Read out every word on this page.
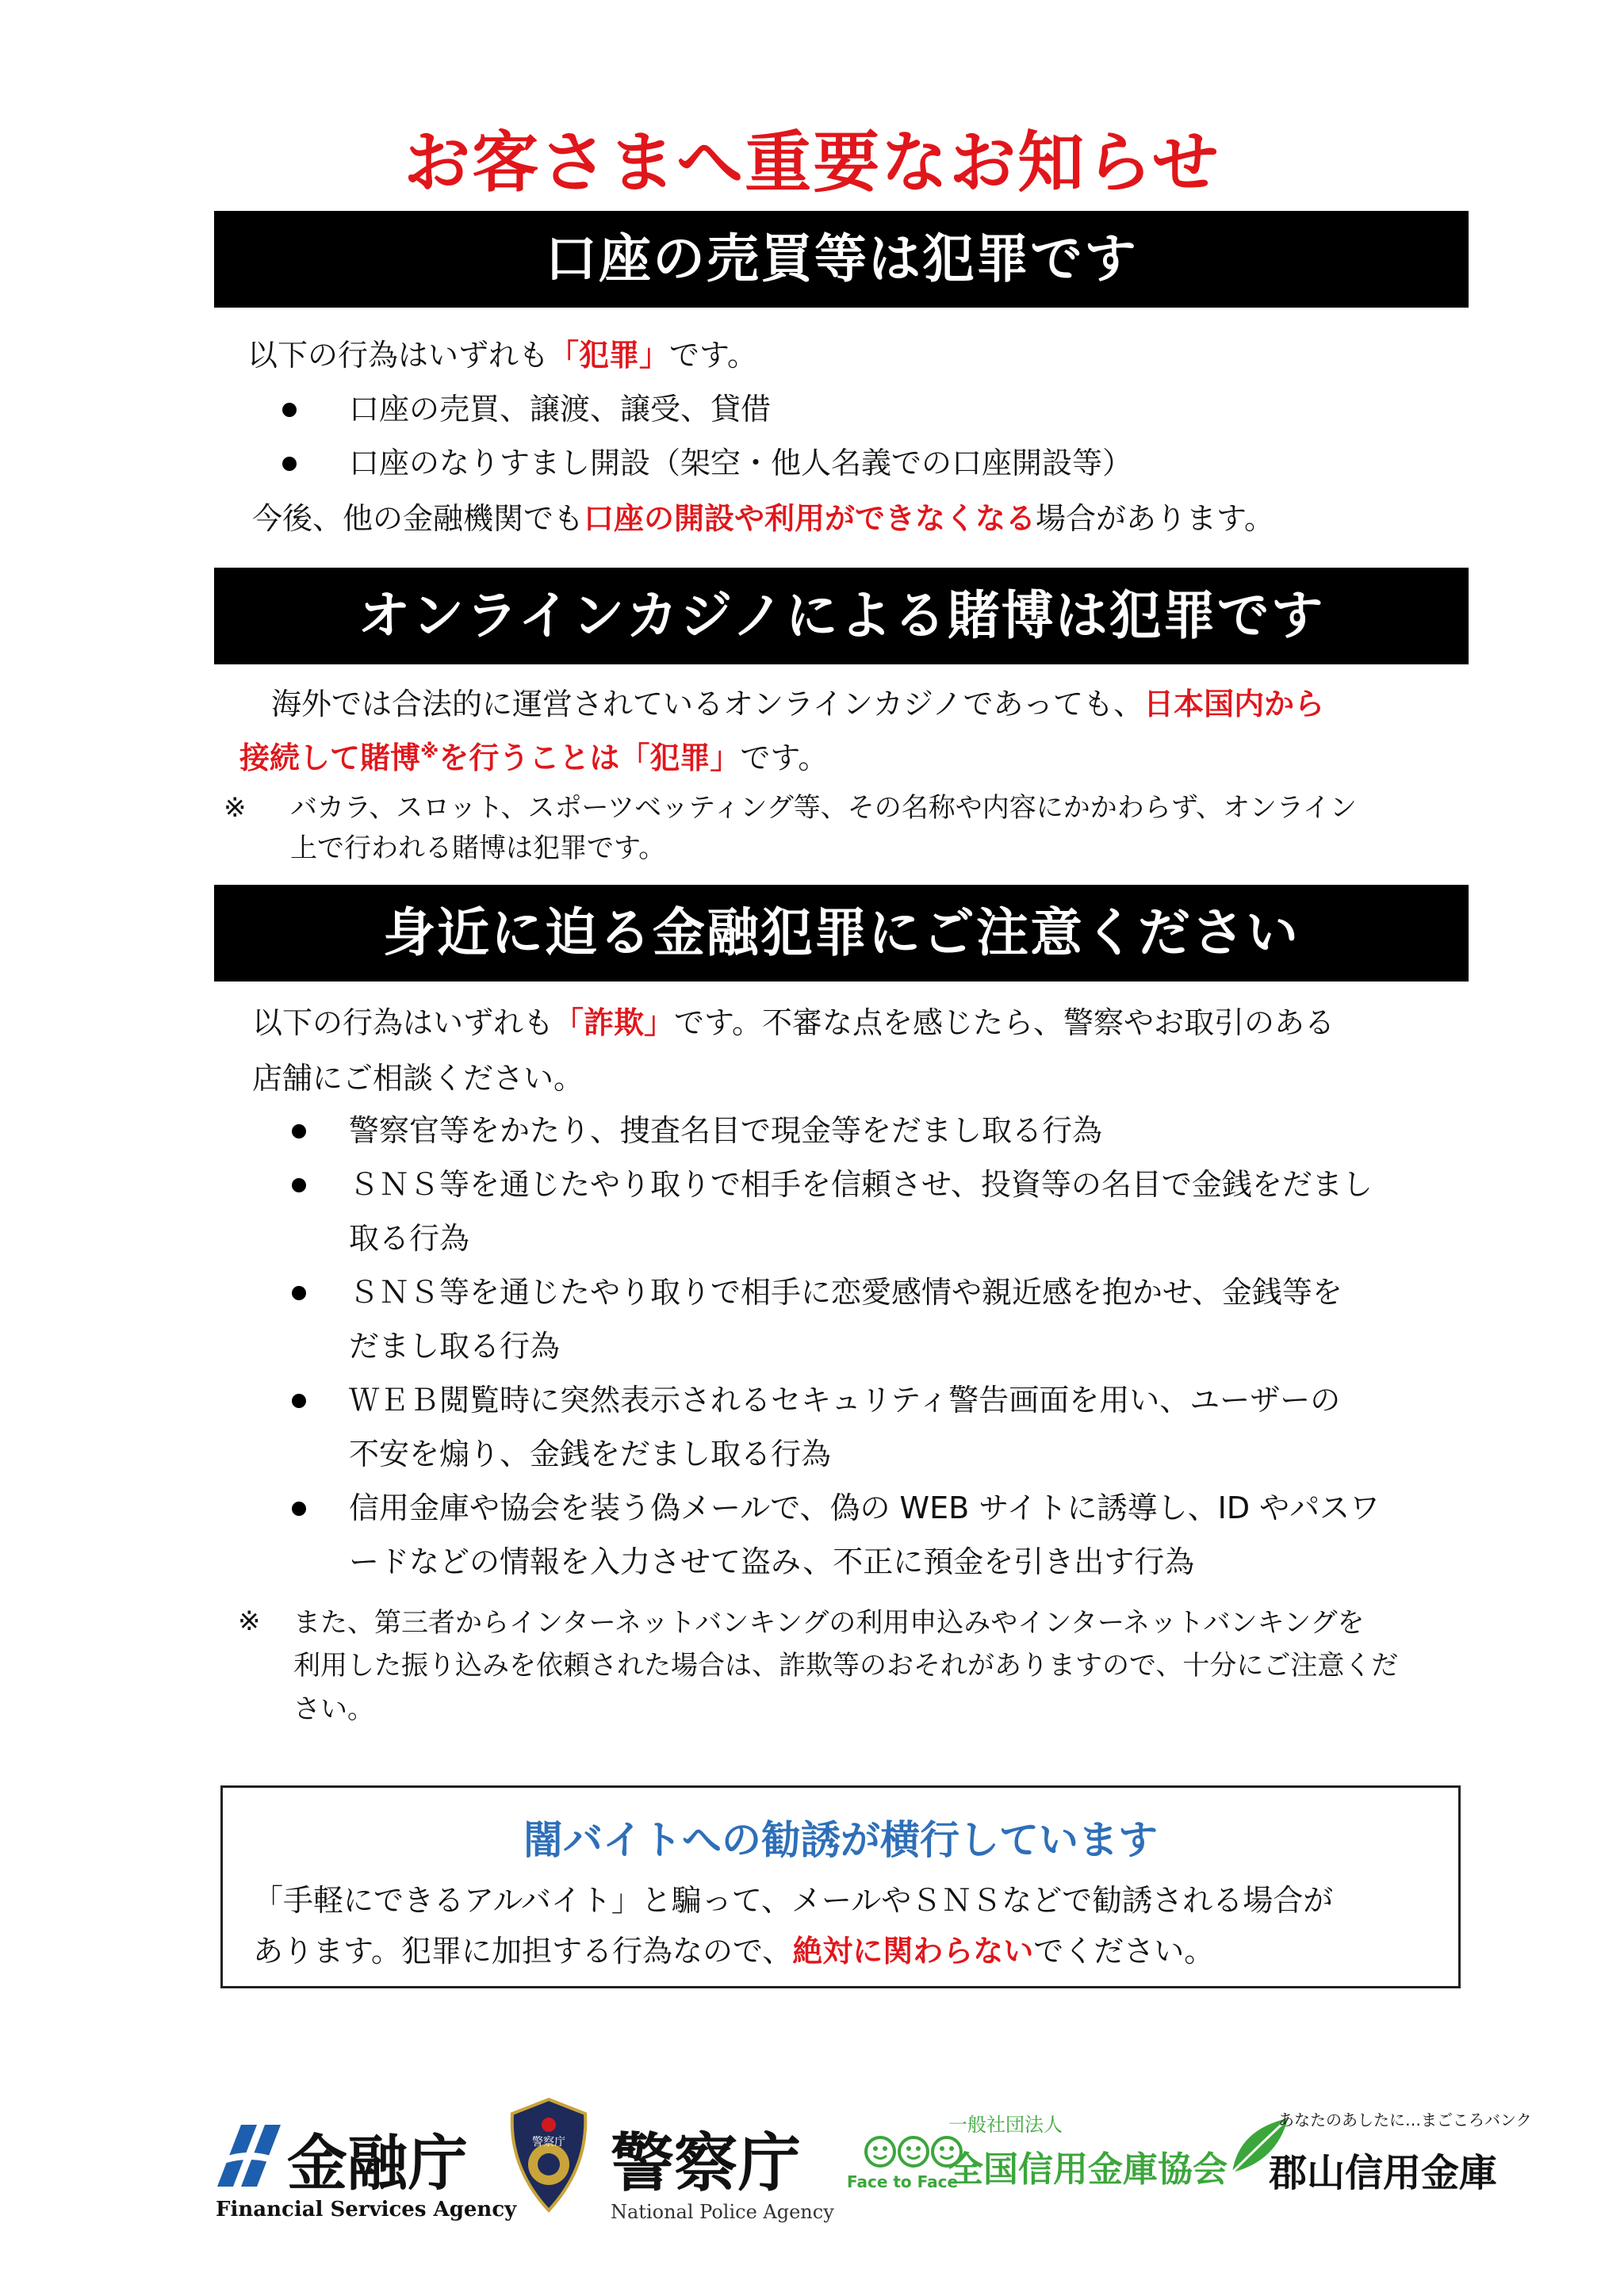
お客さまへ重要なお知らせ
口座の売買等は犯罪です
以下の行為はいずれも「犯罪」です。
口座の売買、譲渡、譲受、貸借
口座のなりすまし開設（架空・他人名義での口座開設等）
今後、他の金融機関でも口座の開設や利用ができなくなる場合があります。
オンラインカジノによる賭博は犯罪です
海外では合法的に運営されているオンラインカジノであっても、日本国内から
接続して賭博※を行うことは「犯罪」です。
※ バカラ、スロット、スポーツベッティング等、その名称や内容にかかわらず、オンライン
上で行われる賭博は犯罪です。
身近に迫る金融犯罪にご注意ください
以下の行為はいずれも「詐欺」です。不審な点を感じたら、警察やお取引のある
店舗にご相談ください。
警察官等をかたり、捜査名目で現金等をだまし取る行為
ＳＮＳ等を通じたやり取りで相手を信頼させ、投資等の名目で金銭をだまし
取る行為
ＳＮＳ等を通じたやり取りで相手に恋愛感情や親近感を抱かせ、金銭等を
だまし取る行為
ＷＥＢ閲覧時に突然表示されるセキュリティ警告画面を用い、ユーザーの
不安を煽り、金銭をだまし取る行為
信用金庫や協会を装う偽メールで、偽の WEB サイトに誘導し、ID やパスワ
ードなどの情報を入力させて盗み、不正に預金を引き出す行為
※ また、第三者からインターネットバンキングの利用申込みやインターネットバンキングを
利用した振り込みを依頼された場合は、詐欺等のおそれがありますので、十分にご注意くだ
さい。
闇バイトへの勧誘が横行しています
「手軽にできるアルバイト」と騙って、メールやＳＮＳなどで勧誘される場合が
あります。犯罪に加担する行為なので、絶対に関わらないでください。
金融庁
Financial Services Agency
警察庁 警察庁
National Police Agency
Face to Face
一般社団法人
全国信用金庫協会
あなたのあしたに…まごころバンク
郡山信用金庫
